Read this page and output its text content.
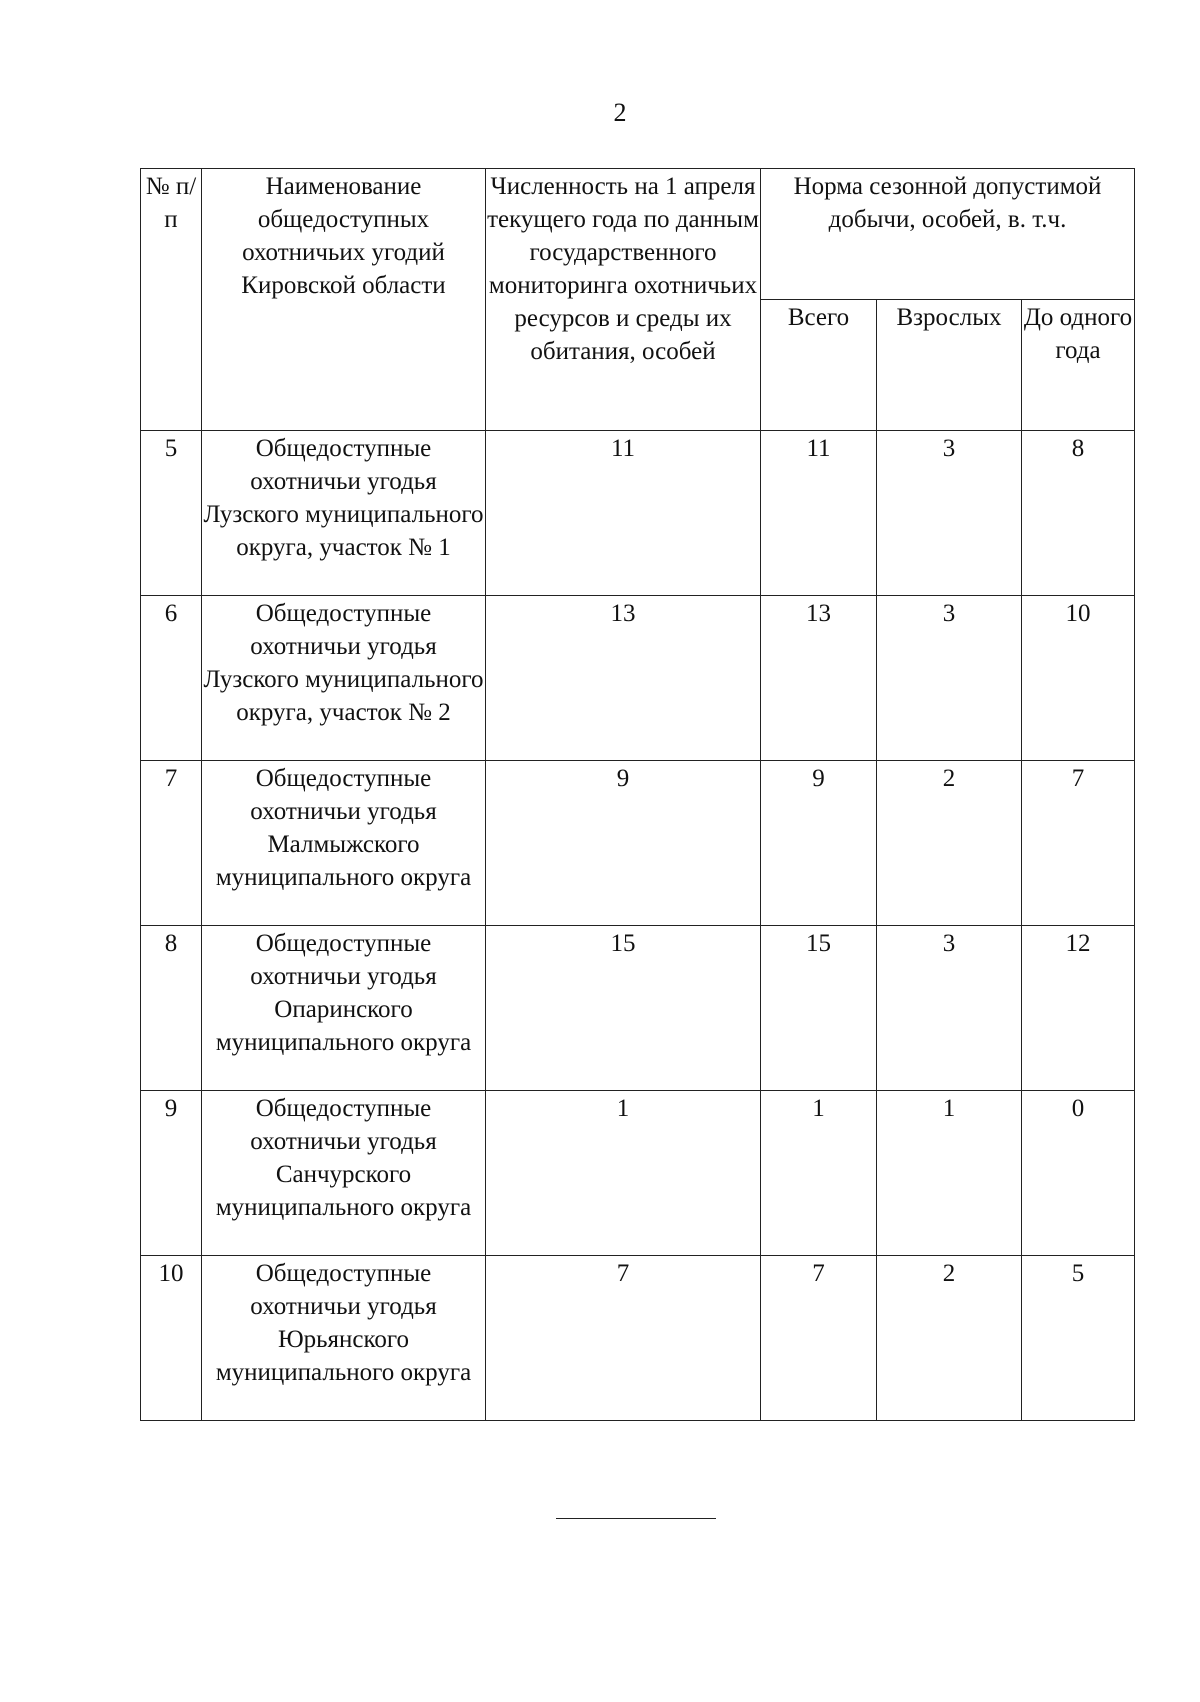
2
№ п/п	Наименование общедоступных охотничьих угодий Кировской области	Численность на 1 апреля текущего года по данным государственного мониторинга охотничьих ресурсов и среды их обитания, особей	Норма сезонной допустимой добычи, особей, в. т.ч.		

			Всего	Взрослых	До одного года

5	Общедоступные охотничьи угодья Лузского муниципального округа, участок № 1	11	11	3	8

6	Общедоступные охотничьи угодья Лузского муниципального округа, участок № 2	13	13	3	10

7	Общедоступные охотничьи угодья Малмыжского муниципального округа	9	9	2	7

8	Общедоступные охотничьи угодья Опаринского муниципального округа	15	15	3	12

9	Общедоступные охотничьи угодья Санчурского муниципального округа	1	1	1	0

10	Общедоступные охотничьи угодья Юрьянского муниципального округа	7	7	2	5
